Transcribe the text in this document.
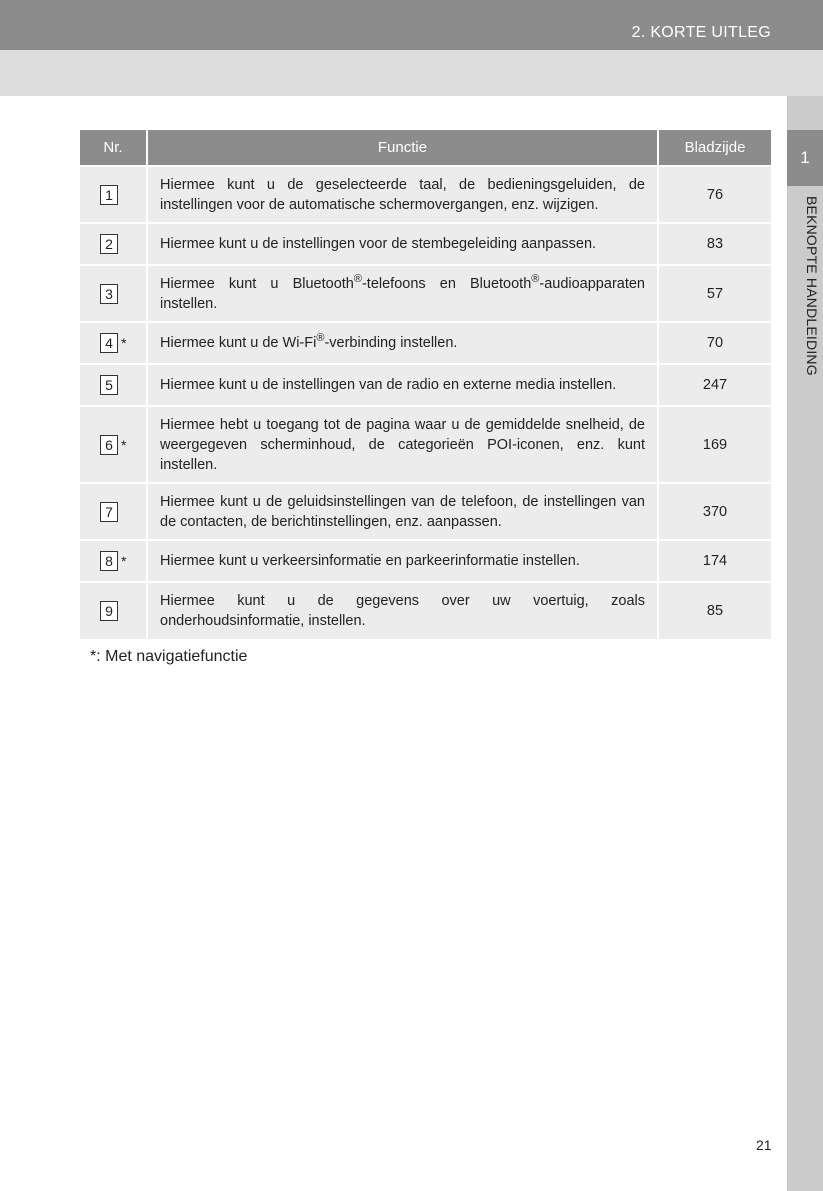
2. KORTE UITLEG
1
BEKNOPTE HANDLEIDING
Nr.	Functie	Bladzijde
1	Hiermee kunt u de geselecteerde taal, de bedieningsgeluiden, de instellingen voor de automatische schermovergangen, enz. wijzigen.	76
2	Hiermee kunt u de instellingen voor de stembegeleiding aanpassen.	83
3	Hiermee kunt u Bluetooth®-telefoons en Bluetooth®-audioapparaten instellen.	57
4 *	Hiermee kunt u de Wi-Fi®-verbinding instellen.	70
5	Hiermee kunt u de instellingen van de radio en externe media instellen.	247
6 *	Hiermee hebt u toegang tot de pagina waar u de gemiddelde snelheid, de weergegeven scherminhoud, de categorieën POI-iconen, enz. kunt instellen.	169
7	Hiermee kunt u de geluidsinstellingen van de telefoon, de instellingen van de contacten, de berichtinstellingen, enz. aanpassen.	370
8 *	Hiermee kunt u verkeersinformatie en parkeerinformatie instellen.	174
9	Hiermee kunt u de gegevens over uw voertuig, zoals onderhoudsinformatie, instellen.	85
*: Met navigatiefunctie
21
